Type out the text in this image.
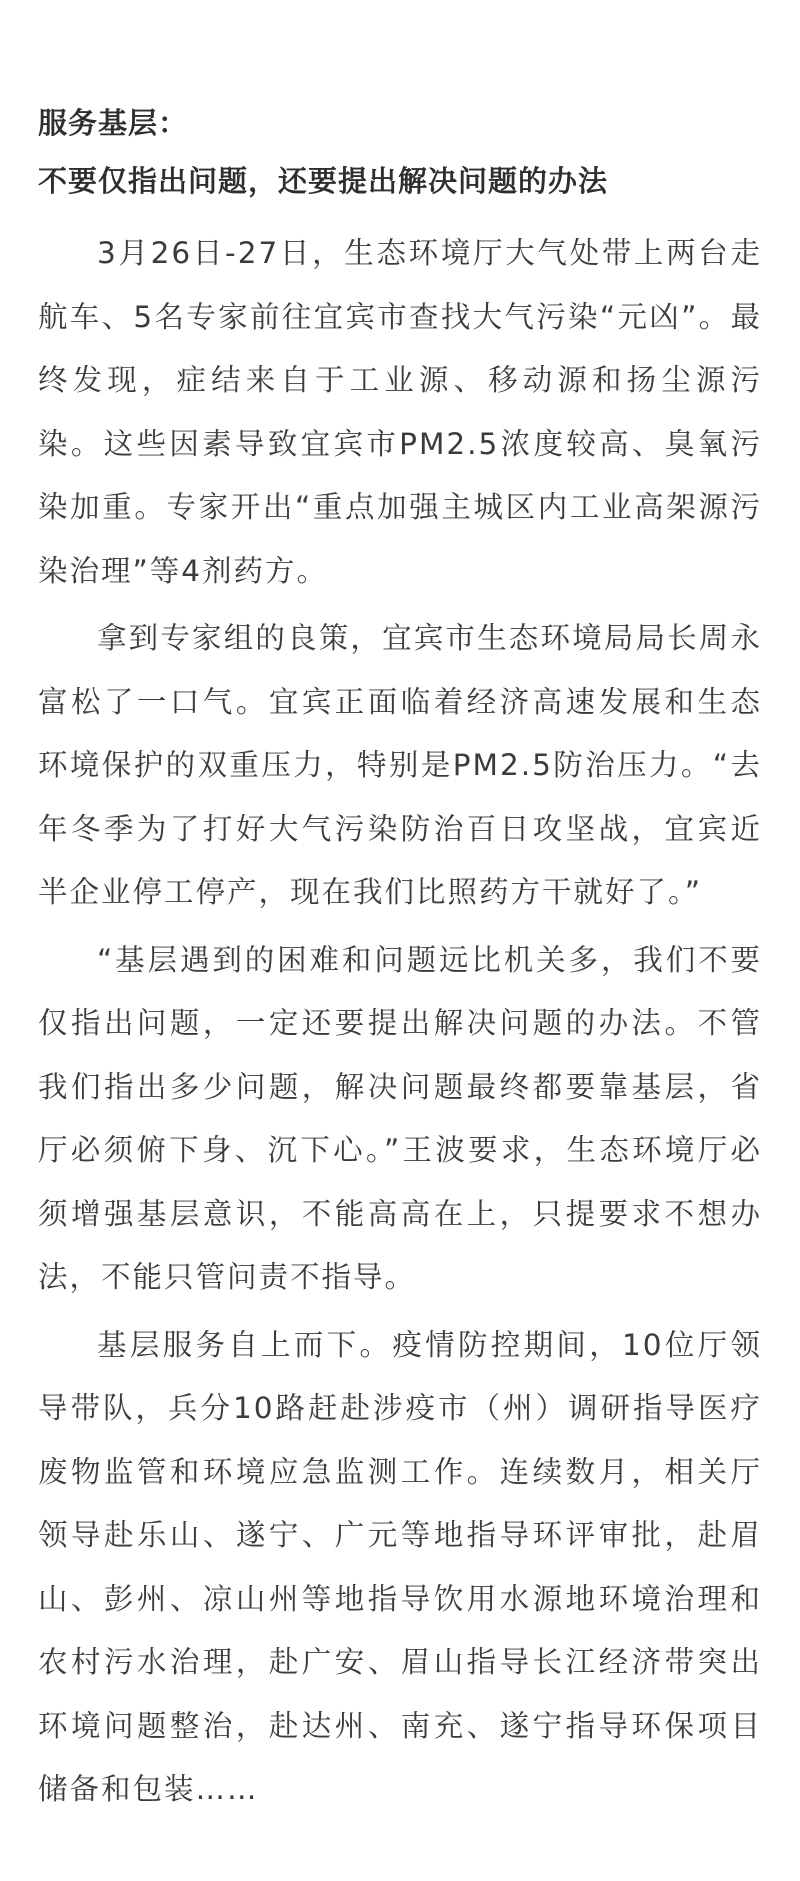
服务基层：
不要仅指出问题，还要提出解决问题的办法

3月26日-27日，生态环境厅大气处带上两台走航车、5名专家前往宜宾市查找大气污染“元凶”。最终发现，症结来自于工业源、移动源和扬尘源污染。这些因素导致宜宾市PM2.5浓度较高、臭氧污染加重。专家开出“重点加强主城区内工业高架源污染治理”等4剂药方。

拿到专家组的良策，宜宾市生态环境局局长周永富松了一口气。宜宾正面临着经济高速发展和生态环境保护的双重压力，特别是PM2.5防治压力。“去年冬季为了打好大气污染防治百日攻坚战，宜宾近半企业停工停产，现在我们比照药方干就好了。”

“基层遇到的困难和问题远比机关多，我们不要仅指出问题，一定还要提出解决问题的办法。不管我们指出多少问题，解决问题最终都要靠基层，省厅必须俯下身、沉下心。”王波要求，生态环境厅必须增强基层意识，不能高高在上，只提要求不想办法，不能只管问责不指导。

基层服务自上而下。疫情防控期间，10位厅领导带队，兵分10路赶赴涉疫市（州）调研指导医疗废物监管和环境应急监测工作。连续数月，相关厅领导赴乐山、遂宁、广元等地指导环评审批，赴眉山、彭州、凉山州等地指导饮用水源地环境治理和农村污水治理，赴广安、眉山指导长江经济带突出环境问题整治，赴达州、南充、遂宁指导环保项目储备和包装……
